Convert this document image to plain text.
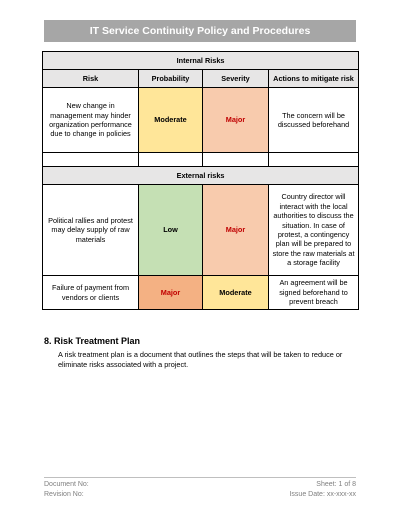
IT Service Continuity Policy and Procedures
Internal Risks			
Risk	Probability	Severity	Actions to mitigate risk
New change in management may hinder organization performance due to change in policies	Moderate	Major	The concern will be discussed beforehand

External risks			
Political rallies and protest may delay supply of raw materials	Low	Major	Country director will interact with the local authorities to discuss the situation. In case of protest, a contingency plan will be prepared to store the raw materials at a storage facility
Failure of payment from vendors or clients	Major	Moderate	An agreement will be signed beforehand to prevent breach
8. Risk Treatment Plan
A risk treatment plan is a document that outlines the steps that will be taken to reduce or eliminate risks associated with a project.
Document No:
Revision No:
Sheet: 1 of 8
Issue Date: xx-xxx-xx
